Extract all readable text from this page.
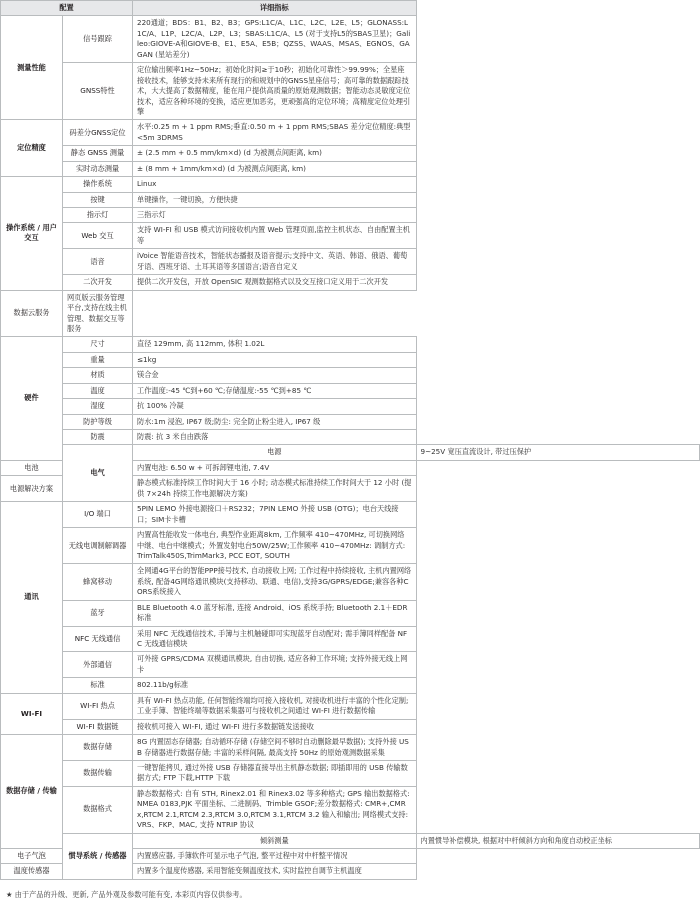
配置		详细指标	
测量性能	信号跟踪	220通道；BDS：B1、B2、B3；GPS:L1C/A、L1C、L2C、L2E、L5；GLONASS:L1C/A、L1P、L2C/A、L2P、L3；SBAS:L1C/A、L5 (对于支持L5的SBAS卫星)；Galileo:GIOVE-A和GIOVE-B、E1、E5A、E5B；QZSS、WAAS、MSAS、EGNOS、GAGAN (星站差分)	
	GNSS特性	定位输出频率1Hz~50Hz；初始化时间≥于10秒；初始化可靠性＞99.99%；全星座接收技术，能够支持未来所有现行的和规划中的GNSS星座信号；高可靠的数据跟踪技术，大大提高了数据精度，能在用户提供高质量的原始观测数据；智能动态灵敏度定位技术，适应各种环境的变换，适应更加恶劣，更顽强高的定位环境；高精度定位处理引擎	
定位精度	码差分GNSS定位	水平:0.25 m + 1 ppm RMS;垂直:0.50 m + 1 ppm RMS;SBAS 差分定位精度:典型 <5m 3DRMS	
	静态 GNSS 测量	± (2.5 mm + 0.5 mm/km×d) (d 为被测点间距离, km)	
	实时动态测量	± (8 mm + 1mm/km×d) (d 为被测点间距离, km)	
操作系统 / 用户交互	操作系统	Linux	
	按键	单键操作，一键切换，方便快捷	
	指示灯	三指示灯	
	Web 交互	支持 WI-FI 和 USB 模式访问接收机内置 Web 管理页面,监控主机状态、自由配置主机等	
	语音	iVoice 智能语音技术，智能状态播报及语音提示;支持中文、英语、韩语、俄语、葡萄牙语、西班牙语、土耳其语等多国语言;语音自定义	
	二次开发	提供二次开发包，开放 OpenSIC 观测数据格式以及交互接口定义用于二次开发	
数据云服务	网页版云服务管理平台,支持在线主机管理、数据交互等服务		
硬件	尺寸	直径 129mm, 高 112mm, 体积 1.02L	
	重量	≤1kg	
	材质	镁合金	
	温度	工作温度:-45 ℃到+60 ℃;存储温度:-55 ℃到+85 ℃	
	湿度	抗 100% 冷凝	
	防护等级	防水:1m 浸泡, IP67 级;防尘: 完全防止粉尘进入, IP67 级	
	防震	防震: 抗 3 米自由跌落	
	电气	电源	9~25V 宽压直流设计, 带过压保护
电池		内置电池: 6.50 w + 可拆卸锂电池, 7.4V	
电源解决方案		静态模式标准持续工作时间大于 16 小时; 动态模式标准持续工作时间大于 12 小时 (提供 7×24h 持续工作电源解决方案)	
通讯	I/O 端口	5PIN LEMO 外接电源接口＋RS232；7PIN LEMO 外接 USB (OTG)；电台天线接口；SIM卡卡槽	
	无线电调制解调器	内置高性能收发一体电台, 典型作业距离8km, 工作频率 410~470MHz, 可切换网络中继、电台中继模式；外置发射电台50W/25W;工作频率 410~470MHz: 调制方式: TrimTalk450S,TrimMark3, PCC EOT, SOUTH	
	蜂窝移动	全网通4G平台的智能PPP接号技术, 自动接收上网; 工作过程中持续接收, 主机内置网络系统, 配备4G网络通讯模块(支持移动、联通、电信),支持3G/GPRS/EDGE;兼容各种CORS系统接入	
	蓝牙	BLE Bluetooth 4.0 蓝牙标准, 连接 Android、iOS 系统手持; Bluetooth 2.1＋EDR 标准	
	NFC 无线通信	采用 NFC 无线通信技术, 手簿与主机触碰即可实现蓝牙自动配对; 需手簿同样配备 NFC 无线通信模块	
	外部通信	可外接 GPRS/CDMA 双模通讯模块, 自由切换, 适应各种工作环境; 支持外接无线上网卡	
	标准	802.11b/g标准	
WI-FI	WI-FI 热点	具有 WI-FI 热点功能, 任何智能终端均可接入接收机, 对接收机进行丰富的个性化定制; 工业手簿、智能终端等数据采集器可与接收机之间通过 WI-FI 进行数据传输	
	WI-FI 数据链	接收机可接入 WI-FI, 通过 WI-FI 进行多数据链发送接收	
数据存储 / 传输	数据存储	8G 内置固态存储器; 自动循环存储 (存储空间不够时自动删除最早数据); 支持外接 USB 存储器进行数据存储; 丰富的采样间隔, 最高支持 50Hz 的原始观测数据采集	
	数据传输	一键智能拷贝, 通过外接 USB 存储器直接导出主机静态数据; 即插即用的 USB 传输数据方式; FTP 下载,HTTP 下载	
	数据格式	静态数据格式: 自有 STH, Rinex2.01 和 Rinex3.02 等多种格式; GPS 输出数据格式: NMEA 0183,PJK 平面坐标、二进制码、Trimble GSOF;差分数据格式: CMR+,CMRx,RTCM 2.1,RTCM 2.3,RTCM 3.0,RTCM 3.1,RTCM 3.2 输入和输出; 网络模式支持: VRS、FKP、MAC, 支持 NTRIP 协议	
	惯导系统 / 传感器	倾斜测量	内置惯导补偿模块, 根据对中杆倾斜方向和角度自动校正坐标
电子气泡		内置感应器, 手簿软件可显示电子气泡, 整平过程中对中杆整平情况	
温度传感器		内置多个温度传感器, 采用智能变频温度技术, 实时监控自调节主机温度	
★ 由于产品的升级、更新, 产品外观及参数可能有变, 本彩页内容仅供参考。
